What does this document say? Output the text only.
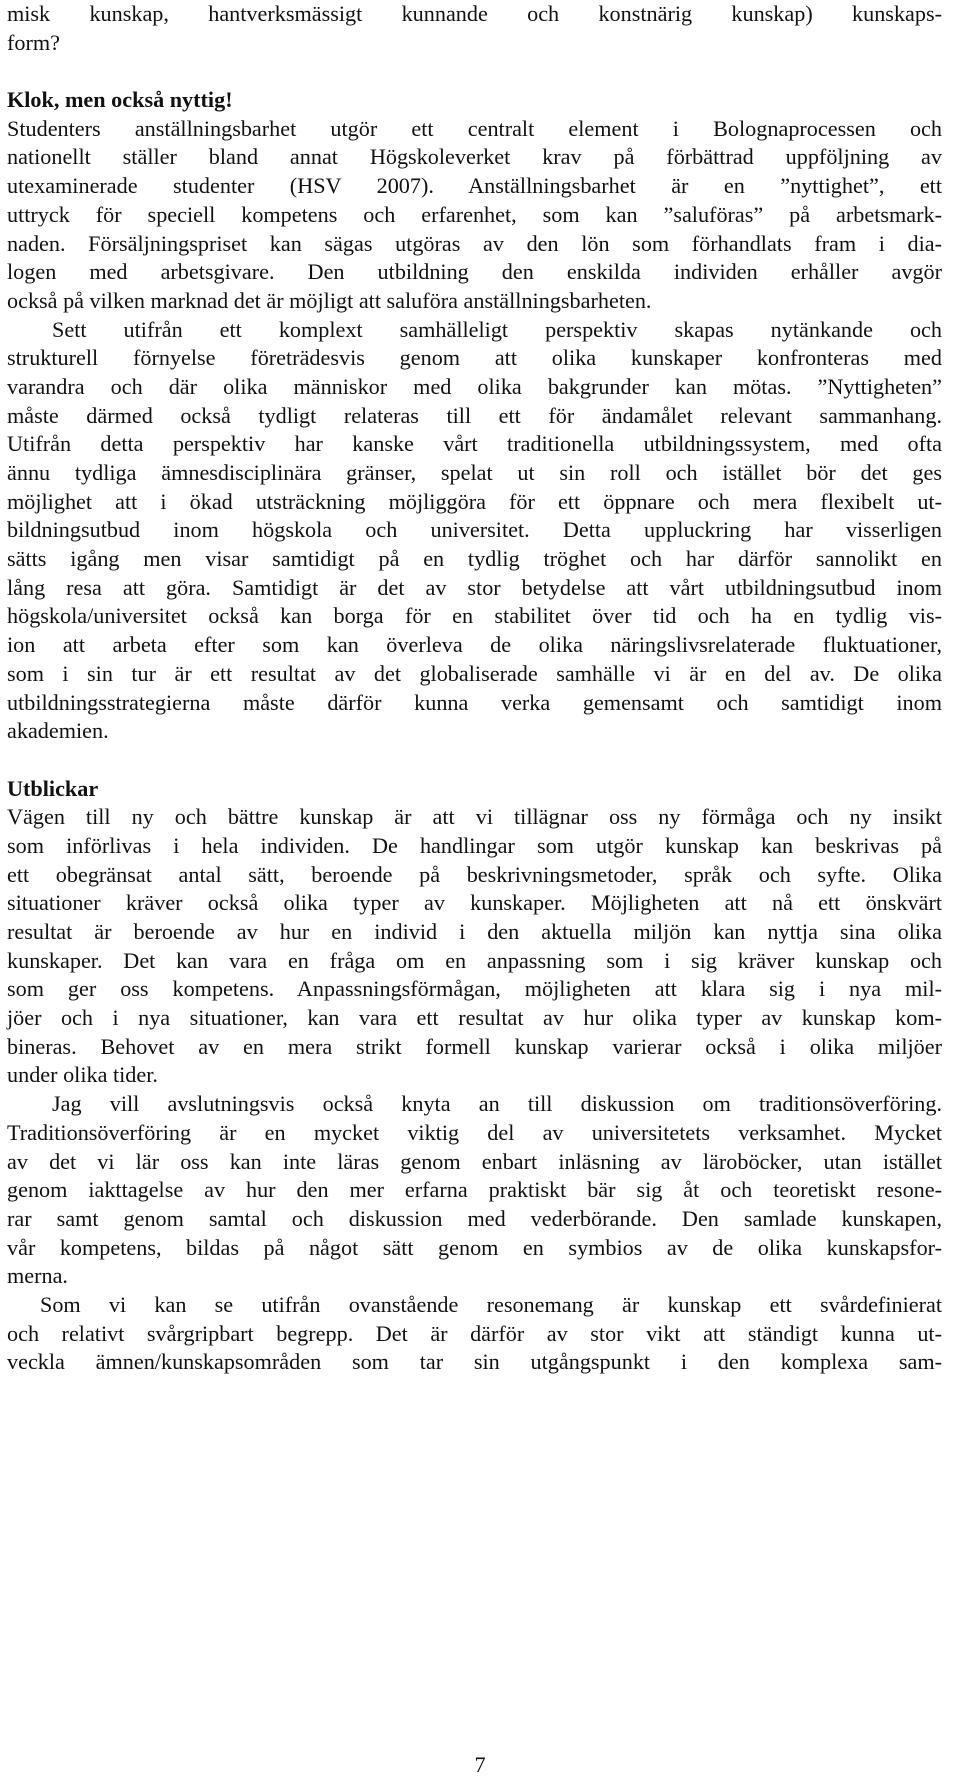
misk kunskap, hantverksmässigt kunnande och konstnärig kunskap) kunskaps-
form?
Klok, men också nyttig!
Studenters anställningsbarhet utgör ett centralt element i Bolognaprocessen och
nationellt ställer bland annat Högskoleverket krav på förbättrad uppföljning av
utexaminerade studenter (HSV 2007). Anställningsbarhet är en ”nyttighet”, ett
uttryck för speciell kompetens och erfarenhet, som kan ”saluföras” på arbetsmark-
naden. Försäljningspriset kan sägas utgöras av den lön som förhandlats fram i dia-
logen med arbetsgivare. Den utbildning den enskilda individen erhåller avgör
också på vilken marknad det är möjligt att saluföra anställningsbarheten.
Sett utifrån ett komplext samhälleligt perspektiv skapas nytänkande och
strukturell förnyelse företrädesvis genom att olika kunskaper konfronteras med
varandra och där olika människor med olika bakgrunder kan mötas. ”Nyttigheten”
måste därmed också tydligt relateras till ett för ändamålet relevant sammanhang.
Utifrån detta perspektiv har kanske vårt traditionella utbildningssystem, med ofta
ännu tydliga ämnesdisciplinära gränser, spelat ut sin roll och istället bör det ges
möjlighet att i ökad utsträckning möjliggöra för ett öppnare och mera flexibelt ut-
bildningsutbud inom högskola och universitet. Detta uppluckring har visserligen
sätts igång men visar samtidigt på en tydlig tröghet och har därför sannolikt en
lång resa att göra. Samtidigt är det av stor betydelse att vårt utbildningsutbud inom
högskola/universitet också kan borga för en stabilitet över tid och ha en tydlig vis-
ion att arbeta efter som kan överleva de olika näringslivsrelaterade fluktuationer,
som i sin tur är ett resultat av det globaliserade samhälle vi är en del av. De olika
utbildningsstrategierna måste därför kunna verka gemensamt och samtidigt inom
akademien.
Utblickar
Vägen till ny och bättre kunskap är att vi tillägnar oss ny förmåga och ny insikt
som införlivas i hela individen. De handlingar som utgör kunskap kan beskrivas på
ett obegränsat antal sätt, beroende på beskrivningsmetoder, språk och syfte. Olika
situationer kräver också olika typer av kunskaper. Möjligheten att nå ett önskvärt
resultat är beroende av hur en individ i den aktuella miljön kan nyttja sina olika
kunskaper. Det kan vara en fråga om en anpassning som i sig kräver kunskap och
som ger oss kompetens. Anpassningsförmågan, möjligheten att klara sig i nya mil-
jöer och i nya situationer, kan vara ett resultat av hur olika typer av kunskap kom-
bineras. Behovet av en mera strikt formell kunskap varierar också i olika miljöer
under olika tider.
Jag vill avslutningsvis också knyta an till diskussion om traditionsöverföring.
Traditionsöverföring är en mycket viktig del av universitetets verksamhet. Mycket
av det vi lär oss kan inte läras genom enbart inläsning av läroböcker, utan istället
genom iakttagelse av hur den mer erfarna praktiskt bär sig åt och teoretiskt resone-
rar samt genom samtal och diskussion med vederbörande. Den samlade kunskapen,
vår kompetens, bildas på något sätt genom en symbios av de olika kunskapsfor-
merna.
Som vi kan se utifrån ovanstående resonemang är kunskap ett svårdefinierat
och relativt svårgripbart begrepp. Det är därför av stor vikt att ständigt kunna ut-
veckla ämnen/kunskapsområden som tar sin utgångspunkt i den komplexa sam-
7
